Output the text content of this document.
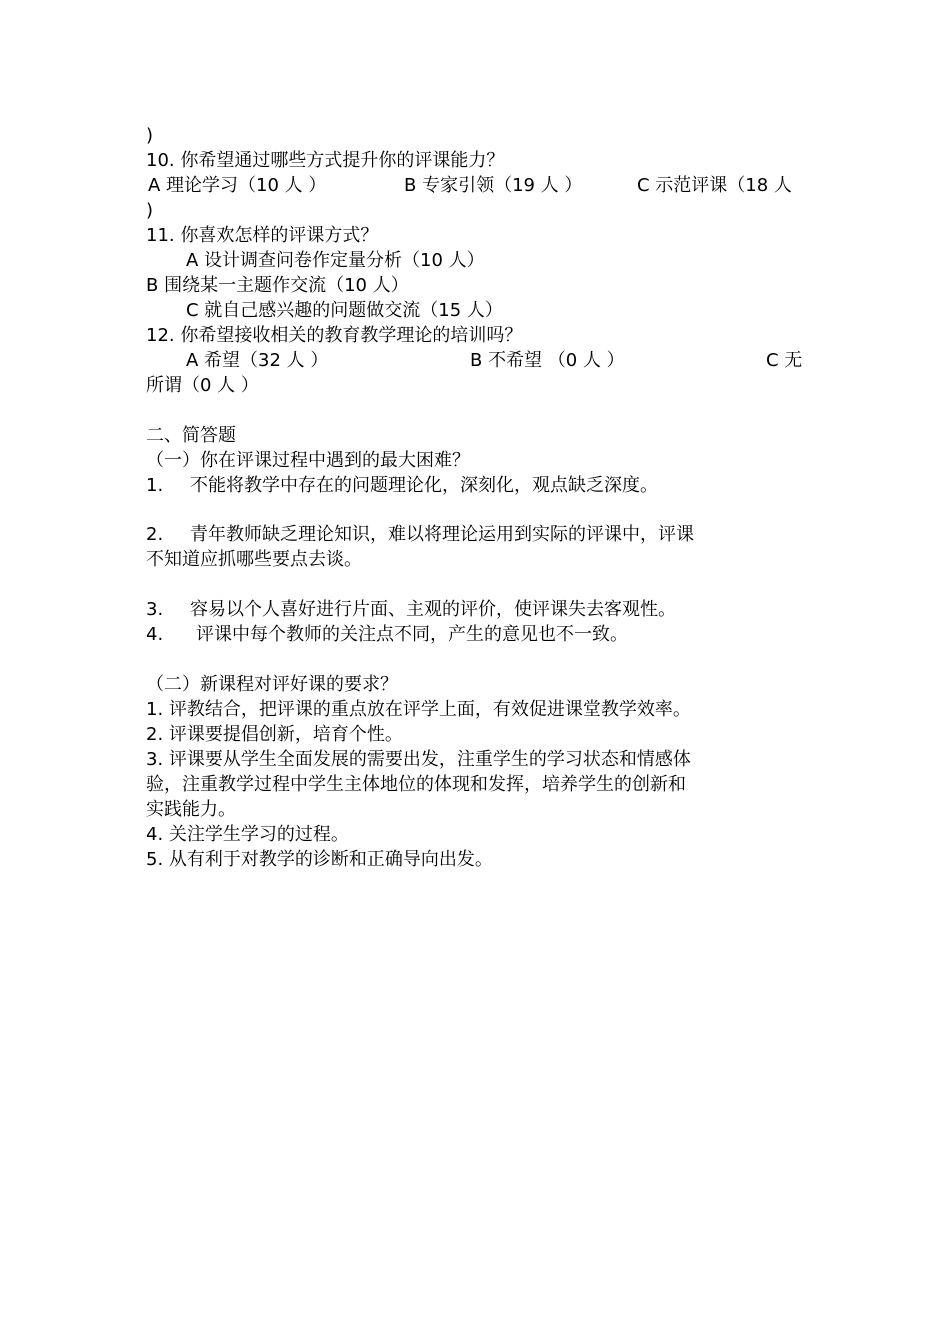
)
10. 你希望通过哪些方式提升你的评课能力？
A 理论学习（10 人 ）	B 专家引领（19 人 ）	C 示范评课（18 人
)
11. 你喜欢怎样的评课方式？
A 设计调查问卷作定量分析（10 人）
B 围绕某一主题作交流（10 人）
C 就自己感兴趣的问题做交流（15 人）
12. 你希望接收相关的教育教学理论的培训吗？
A 希望（32 人 ）	B 不希望 （0 人 ）	C 无
所谓（0 人 ）
二、简答题
（一）你在评课过程中遇到的最大困难？
1. 不能将教学中存在的问题理论化，深刻化，观点缺乏深度。
2. 青年教师缺乏理论知识，难以将理论运用到实际的评课中，评课
不知道应抓哪些要点去谈。
3. 容易以个人喜好进行片面、主观的评价，使评课失去客观性。
4. 评课中每个教师的关注点不同，产生的意见也不一致。
（二）新课程对评好课的要求？
1. 评教结合，把评课的重点放在评学上面，有效促进课堂教学效率。
2. 评课要提倡创新，培育个性。
3. 评课要从学生全面发展的需要出发，注重学生的学习状态和情感体
验，注重教学过程中学生主体地位的体现和发挥，培养学生的创新和
实践能力。
4. 关注学生学习的过程。
5. 从有利于对教学的诊断和正确导向出发。
